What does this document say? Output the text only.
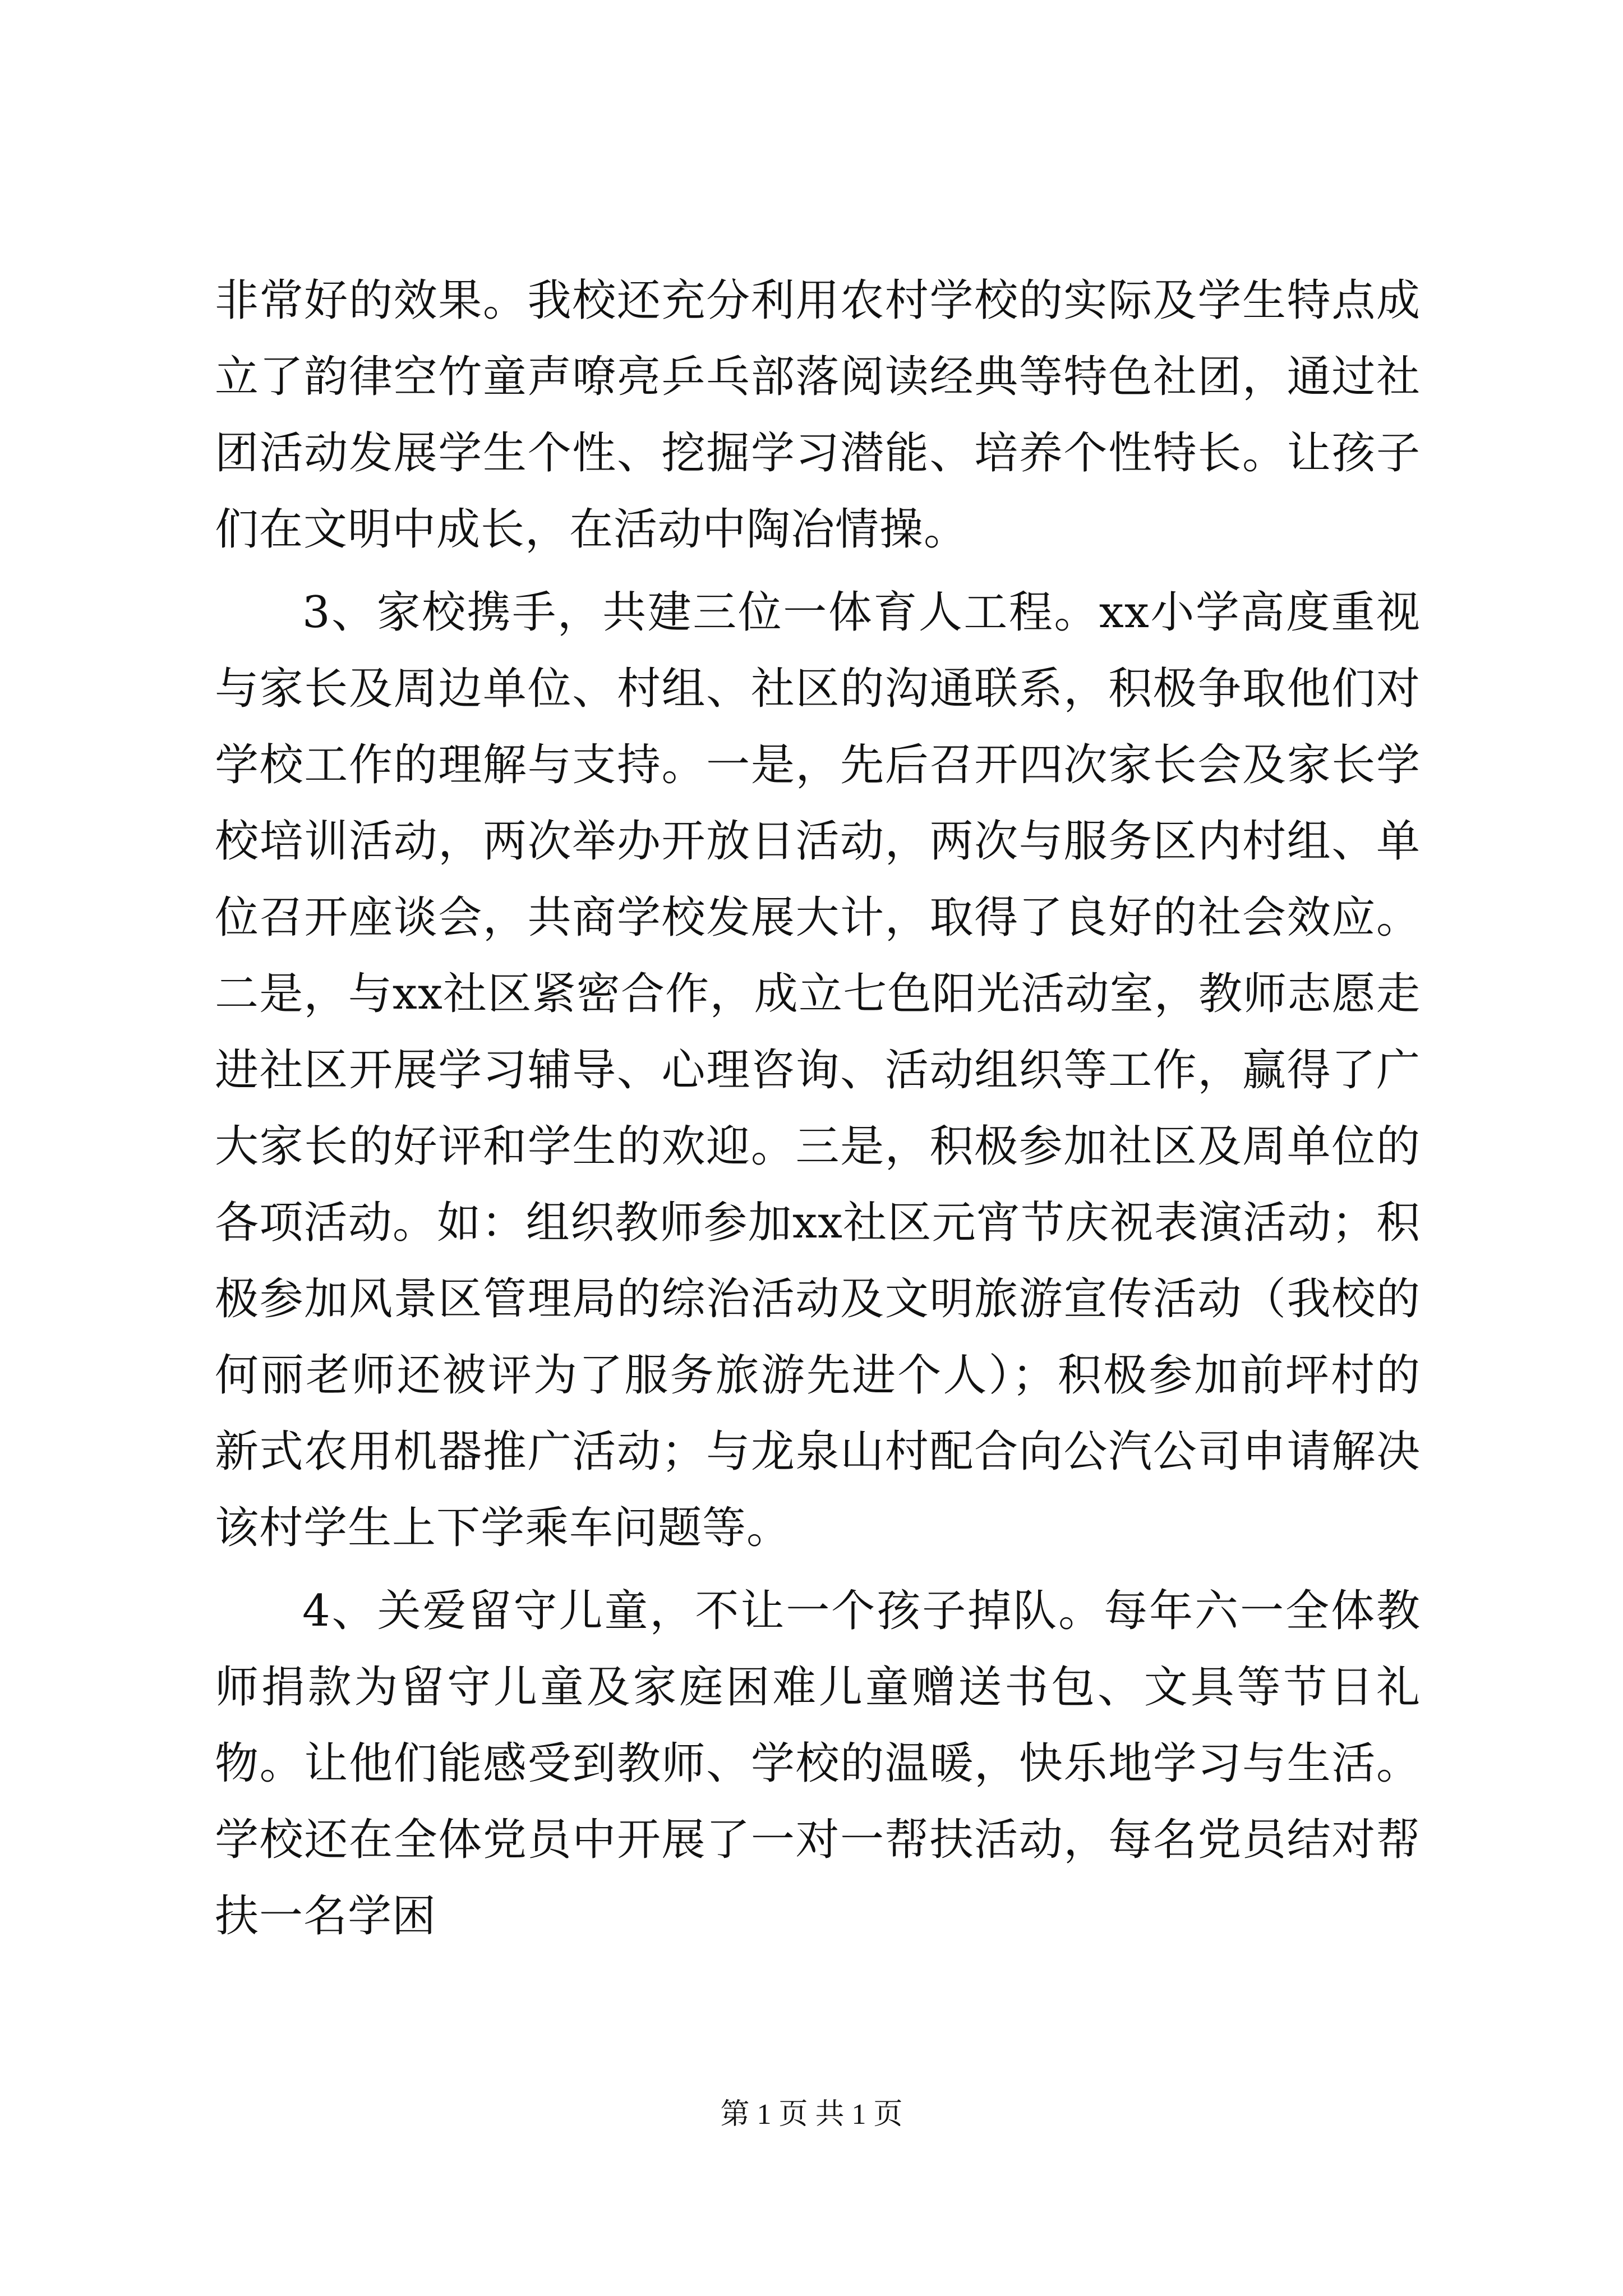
非常好的效果。我校还充分利用农村学校的实际及学生特点成立了韵律空竹童声嘹亮乒乓部落阅读经典等特色社团，通过社团活动发展学生个性、挖掘学习潜能、培养个性特长。让孩子们在文明中成长，在活动中陶冶情操。

3、家校携手，共建三位一体育人工程。xx小学高度重视与家长及周边单位、村组、社区的沟通联系，积极争取他们对学校工作的理解与支持。一是，先后召开四次家长会及家长学校培训活动，两次举办开放日活动，两次与服务区内村组、单位召开座谈会，共商学校发展大计，取得了良好的社会效应。二是，与xx社区紧密合作，成立七色阳光活动室，教师志愿走进社区开展学习辅导、心理咨询、活动组织等工作，赢得了广大家长的好评和学生的欢迎。三是，积极参加社区及周单位的各项活动。如：组织教师参加xx社区元宵节庆祝表演活动；积极参加风景区管理局的综治活动及文明旅游宣传活动（我校的何丽老师还被评为了服务旅游先进个人）；积极参加前坪村的新式农用机器推广活动；与龙泉山村配合向公汽公司申请解决该村学生上下学乘车问题等。

4、关爱留守儿童，不让一个孩子掉队。每年六一全体教师捐款为留守儿童及家庭困难儿童赠送书包、文具等节日礼物。让他们能感受到教师、学校的温暖，快乐地学习与生活。学校还在全体党员中开展了一对一帮扶活动，每名党员结对帮扶一名学困

第 1 页 共 1 页
